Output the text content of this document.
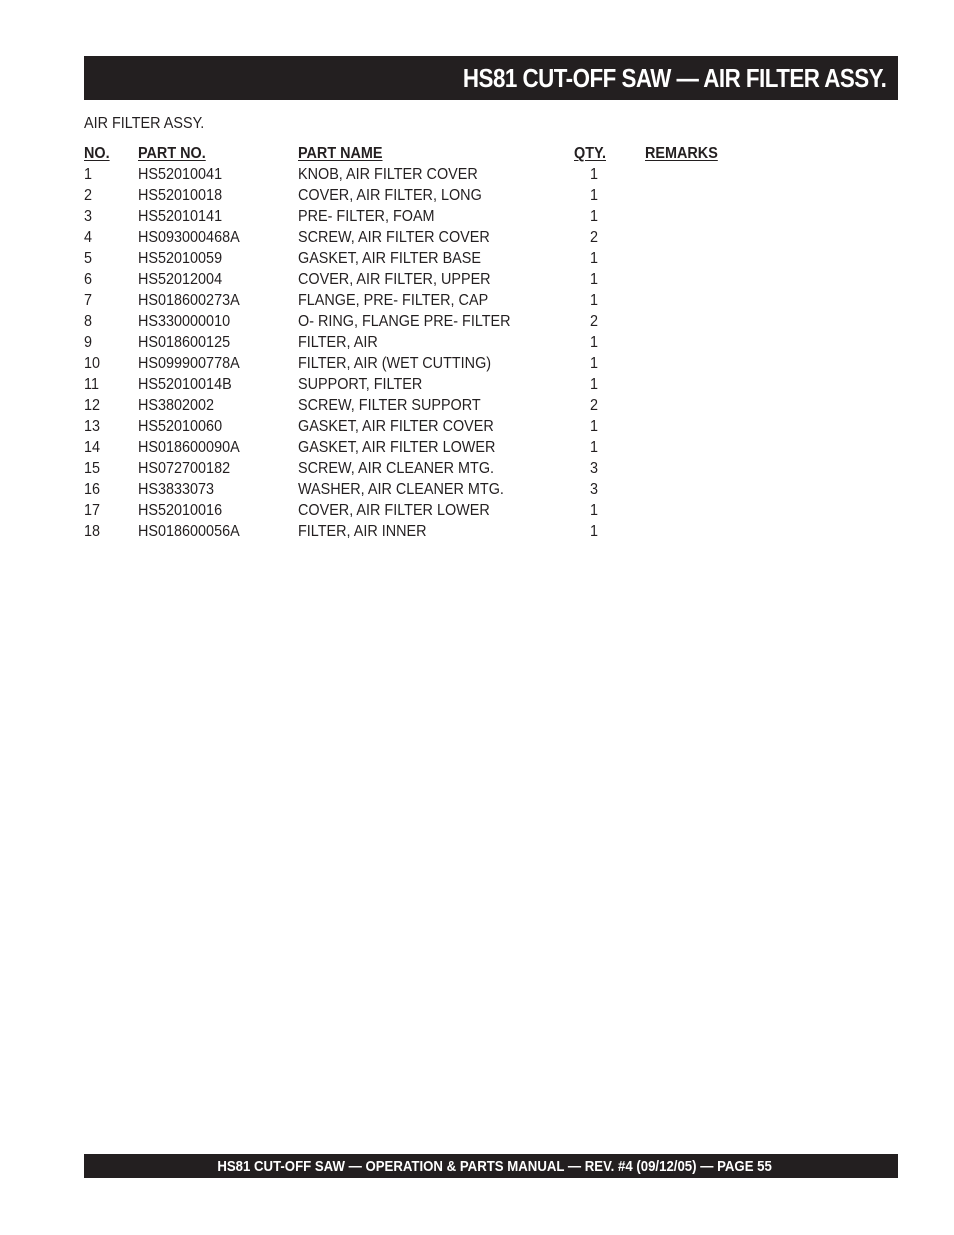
HS81 CUT-OFF SAW — AIR FILTER ASSY.
AIR FILTER ASSY.
NO. PART NO.	PART NAME	QTY. REMARKS
1	HS52010041	KNOB, AIR FILTER COVER	1
2	HS52010018	COVER, AIR FILTER, LONG	1
3	HS52010141	PRE- FILTER, FOAM	1
4	HS093000468A	SCREW, AIR FILTER COVER	2
5	HS52010059	GASKET, AIR FILTER BASE	1
6	HS52012004	COVER, AIR FILTER, UPPER	1
7	HS018600273A	FLANGE, PRE- FILTER, CAP	1
8	HS330000010	O- RING, FLANGE PRE- FILTER	2
9	HS018600125	FILTER, AIR	1
10 HS099900778A	FILTER, AIR (WET CUTTING)	1
11 HS52010014B	SUPPORT, FILTER	1
12 HS3802002	SCREW, FILTER SUPPORT	2
13 HS52010060	GASKET, AIR FILTER COVER	1
14 HS018600090A	GASKET, AIR FILTER LOWER	1
15 HS072700182	SCREW, AIR CLEANER MTG.	3
16 HS3833073	WASHER, AIR CLEANER MTG.	3
17 HS52010016	COVER, AIR FILTER LOWER	1
18 HS018600056A	FILTER, AIR INNER	1
HS81 CUT-OFF SAW — OPERATION & PARTS MANUAL — REV. #4 (09/12/05) — PAGE 55
